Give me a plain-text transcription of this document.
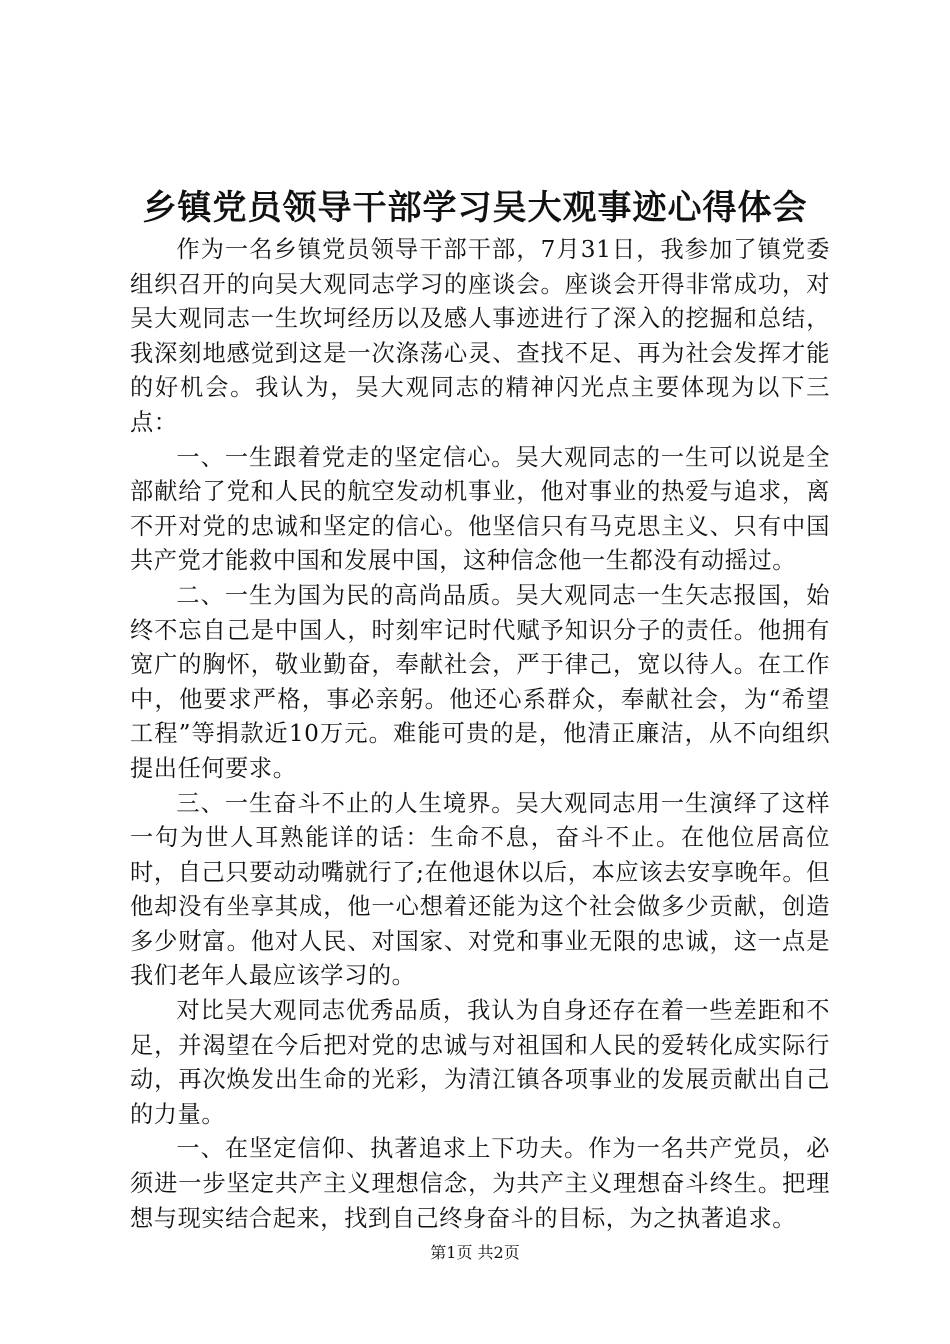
乡镇党员领导干部学习吴大观事迹心得体会

作为一名乡镇党员领导干部干部，7月31日，我参加了镇党委组织召开的向吴大观同志学习的座谈会。座谈会开得非常成功，对吴大观同志一生坎坷经历以及感人事迹进行了深入的挖掘和总结，我深刻地感觉到这是一次涤荡心灵、查找不足、再为社会发挥才能的好机会。我认为，吴大观同志的精神闪光点主要体现为以下三点：

一、一生跟着党走的坚定信心。吴大观同志的一生可以说是全部献给了党和人民的航空发动机事业，他对事业的热爱与追求，离不开对党的忠诚和坚定的信心。他坚信只有马克思主义、只有中国共产党才能救中国和发展中国，这种信念他一生都没有动摇过。

二、一生为国为民的高尚品质。吴大观同志一生矢志报国，始终不忘自己是中国人，时刻牢记时代赋予知识分子的责任。他拥有宽广的胸怀，敬业勤奋，奉献社会，严于律己，宽以待人。在工作中，他要求严格，事必亲躬。他还心系群众，奉献社会，为“希望工程”等捐款近10万元。难能可贵的是，他清正廉洁，从不向组织提出任何要求。

三、一生奋斗不止的人生境界。吴大观同志用一生演绎了这样一句为世人耳熟能详的话：生命不息，奋斗不止。在他位居高位时，自己只要动动嘴就行了;在他退休以后，本应该去安享晚年。但他却没有坐享其成，他一心想着还能为这个社会做多少贡献，创造多少财富。他对人民、对国家、对党和事业无限的忠诚，这一点是我们老年人最应该学习的。

对比吴大观同志优秀品质，我认为自身还存在着一些差距和不足，并渴望在今后把对党的忠诚与对祖国和人民的爱转化成实际行动，再次焕发出生命的光彩，为清江镇各项事业的发展贡献出自己的力量。

一、在坚定信仰、执著追求上下功夫。作为一名共产党员，必须进一步坚定共产主义理想信念，为共产主义理想奋斗终生。把理想与现实结合起来，找到自己终身奋斗的目标，为之执著追求。

第1页 共2页
